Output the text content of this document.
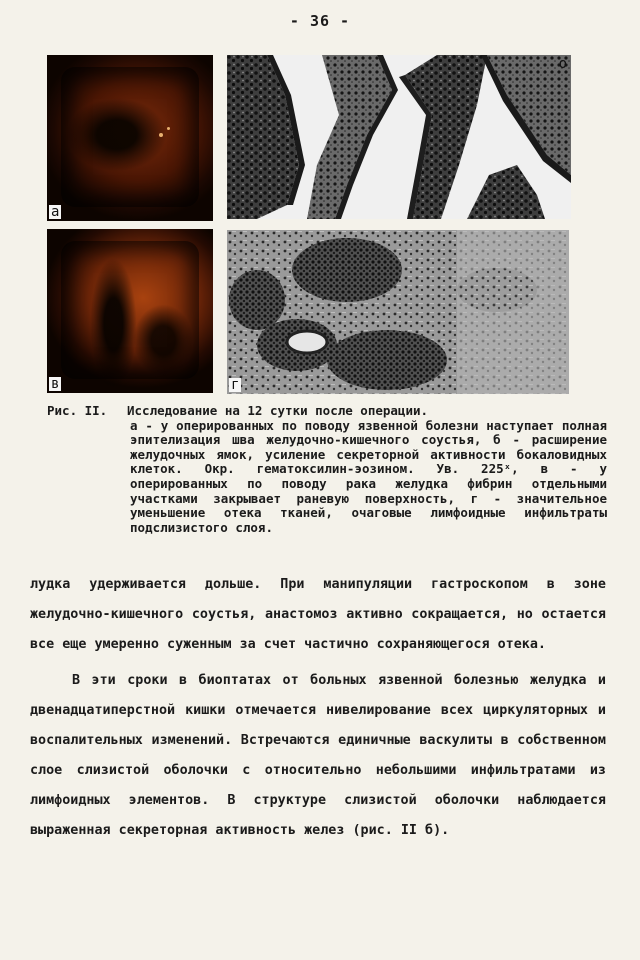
- 36 -
а
о
в	г
Рис. II. Исследование на 12 сутки после операции.
а - у оперированных по поводу язвенной болезни наступает полная эпителизация шва желудочно-кишечного соустья, б - расширение желудочных ямок, усиление секреторной активности бокаловидных клеток. Окр. гематоксилин-эозином. Ув. 225ˣ, в - у оперированных по поводу рака желудка фибрин отдельными участками закрывает раневую поверхность, г - значительное уменьшение отека тканей, очаговые лимфоидные инфильтраты подслизистого слоя.

лудка удерживается дольше. При манипуляции гастроскопом в зоне желудочно-кишечного соустья, анастомоз активно сокращается, но остается все еще умеренно суженным за счет частично сохраняющегося отека.

В эти сроки в биоптатах от больных язвенной болезнью желудка и двенадцатиперстной кишки отмечается нивелирование всех циркуляторных и воспалительных изменений. Встречаются единичные васкулиты в собственном слое слизистой оболочки с относительно небольшими инфильтратами из лимфоидных элементов. В структуре слизистой оболочки наблюдается выраженная секреторная активность желез (рис. II б).
